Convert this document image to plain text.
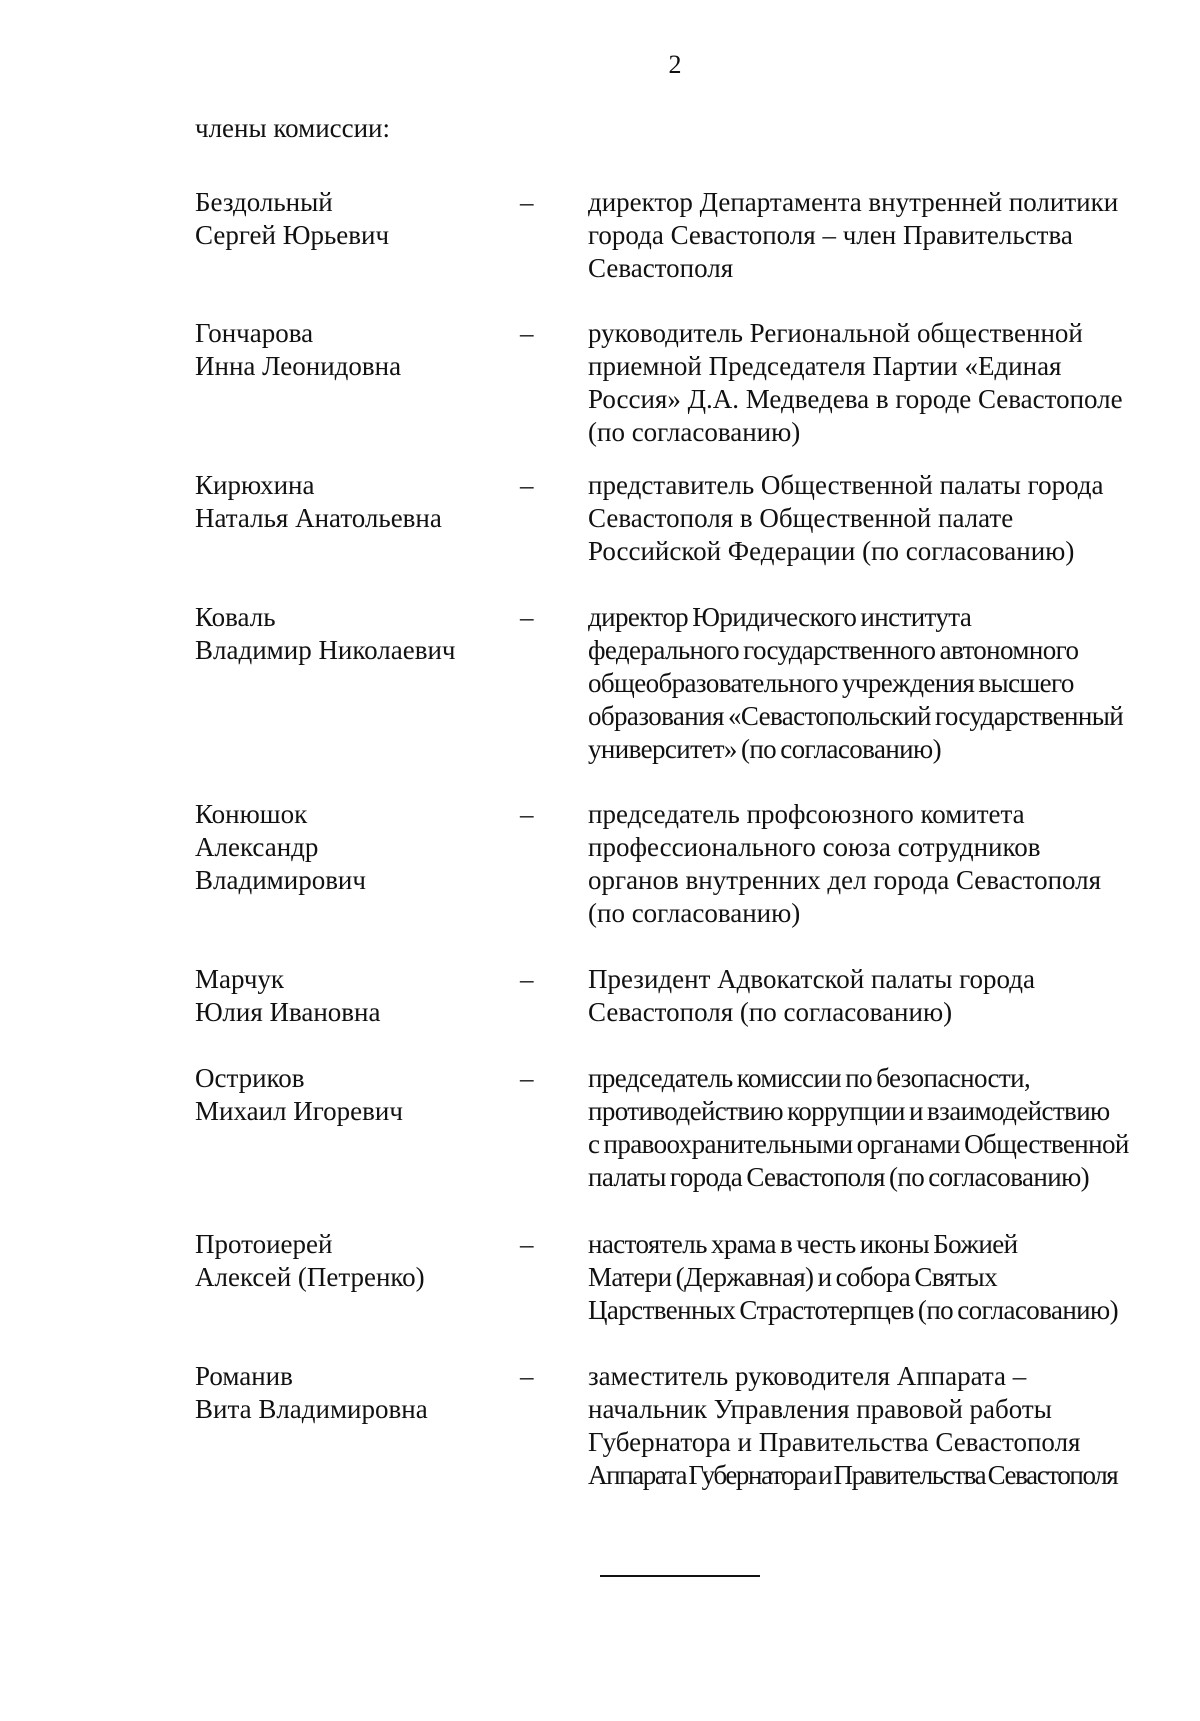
2
члены комиссии:
Бездольный
Сергей Юрьевич
– директор Департамента внутренней политики
города Севастополя – член Правительства
Севастополя
Гончарова
Инна Леонидовна
– руководитель Региональной общественной
приемной Председателя Партии «Единая
Россия» Д.А. Медведева в городе Севастополе
(по согласованию)
Кирюхина
Наталья Анатольевна
– представитель Общественной палаты города
Севастополя в Общественной палате
Российской Федерации (по согласованию)
Коваль
Владимир Николаевич
– директор Юридического института
федерального государственного автономного
общеобразовательного учреждения высшего
образования «Севастопольский государственный
университет» (по согласованию)
Конюшок
Александр
Владимирович
– председатель профсоюзного комитета
профессионального союза сотрудников
органов внутренних дел города Севастополя
(по согласованию)
Марчук
Юлия Ивановна
– Президент Адвокатской палаты города
Севастополя (по согласованию)
Остриков
Михаил Игоревич
– председатель комиссии по безопасности,
противодействию коррупции и взаимодействию
с правоохранительными органами Общественной
палаты города Севастополя (по согласованию)
Протоиерей
Алексей (Петренко)
– настоятель храма в честь иконы Божией
Матери (Державная) и собора Святых
Царственных Страстотерпцев (по согласованию)
Романив
Вита Владимировна
– заместитель руководителя Аппарата –
начальник Управления правовой работы
Губернатора и Правительства Севастополя
Аппарата Губернатора и Правительства Севастополя
